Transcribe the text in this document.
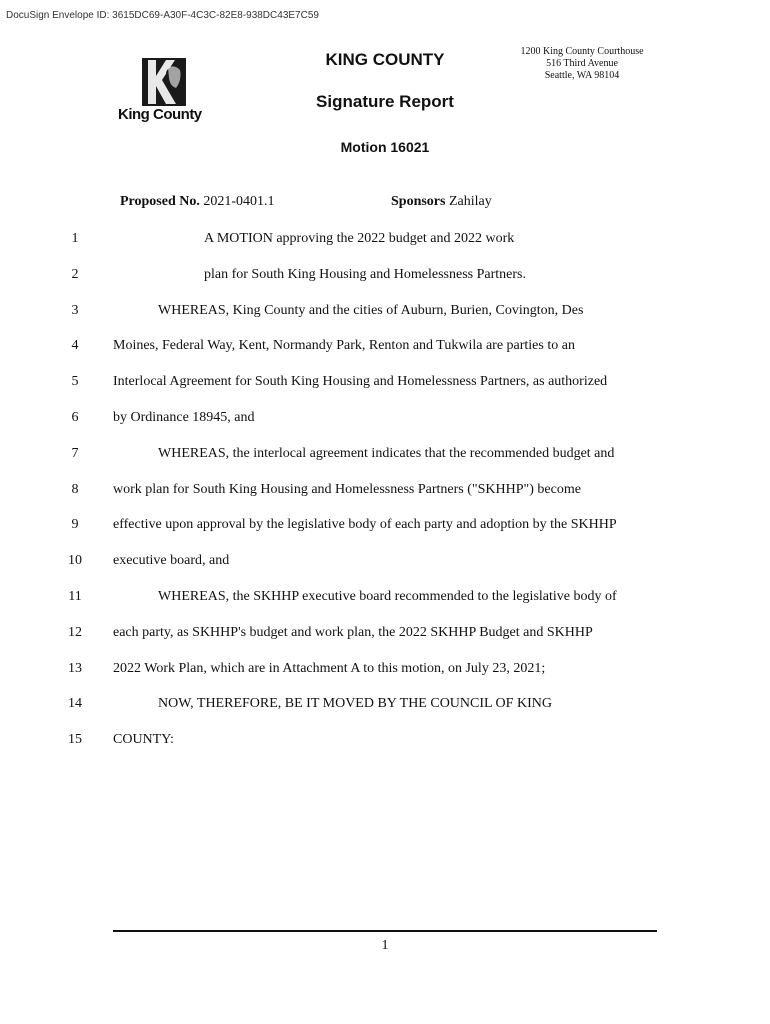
DocuSign Envelope ID: 3615DC69-A30F-4C3C-82E8-938DC43E7C59
King County
KING COUNTY
Signature Report
Motion 16021
1200 King County Courthouse
516 Third Avenue
Seattle, WA 98104
Proposed No. 2021-0401.1	Sponsors Zahilay
1	A MOTION approving the 2022 budget and 2022 work
2	plan for South King Housing and Homelessness Partners.
3	WHEREAS, King County and the cities of Auburn, Burien, Covington, Des
4	Moines, Federal Way, Kent, Normandy Park, Renton and Tukwila are parties to an
5	Interlocal Agreement for South King Housing and Homelessness Partners, as authorized
6	by Ordinance 18945, and
7	WHEREAS, the interlocal agreement indicates that the recommended budget and
8	work plan for South King Housing and Homelessness Partners ("SKHHP") become
9	effective upon approval by the legislative body of each party and adoption by the SKHHP
10	executive board, and
11	WHEREAS, the SKHHP executive board recommended to the legislative body of
12	each party, as SKHHP's budget and work plan, the 2022 SKHHP Budget and SKHHP
13	2022 Work Plan, which are in Attachment A to this motion, on July 23, 2021;
14	NOW, THEREFORE, BE IT MOVED BY THE COUNCIL OF KING
15	COUNTY:
1
